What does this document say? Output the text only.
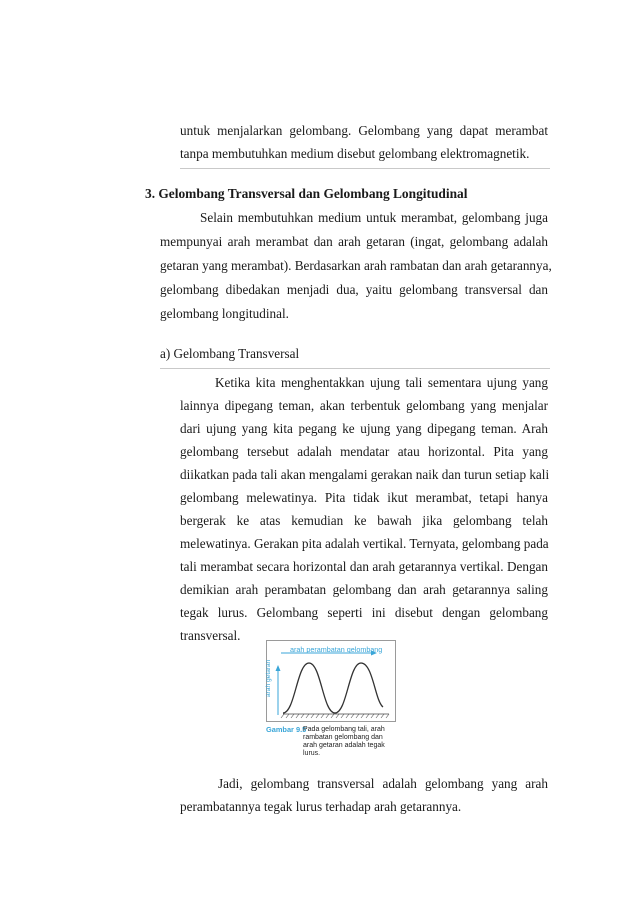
untuk menjalarkan gelombang. Gelombang yang dapat merambat
tanpa membutuhkan medium disebut gelombang elektromagnetik.
3. Gelombang Transversal dan Gelombang Longitudinal
Selain membutuhkan medium untuk merambat, gelombang juga
mempunyai arah merambat dan arah getaran (ingat, gelombang adalah
getaran yang merambat). Berdasarkan arah rambatan dan arah getarannya,
gelombang dibedakan menjadi dua, yaitu gelombang transversal dan
gelombang longitudinal.
a) Gelombang Transversal
Ketika kita menghentakkan ujung tali sementara ujung yang
lainnya dipegang teman, akan terbentuk gelombang yang menjalar
dari ujung yang kita pegang ke ujung yang dipegang teman. Arah
gelombang tersebut adalah mendatar atau horizontal. Pita yang
diikatkan pada tali akan mengalami gerakan naik dan turun setiap kali
gelombang melewatinya. Pita tidak ikut merambat, tetapi hanya
bergerak ke atas kemudian ke bawah jika gelombang telah
melewatinya. Gerakan pita adalah vertikal. Ternyata, gelombang pada
tali merambat secara horizontal dan arah getarannya vertikal. Dengan
demikian arah perambatan gelombang dan arah getarannya saling
tegak lurus. Gelombang seperti ini disebut dengan gelombang
transversal.
arah perambatan gelombang
arah getaran
Gambar 9.5
Pada gelombang tali, arah
rambatan gelombang dan
arah getaran adalah tegak
lurus.
Jadi, gelombang transversal adalah gelombang yang arah
perambatannya tegak lurus terhadap arah getarannya.
